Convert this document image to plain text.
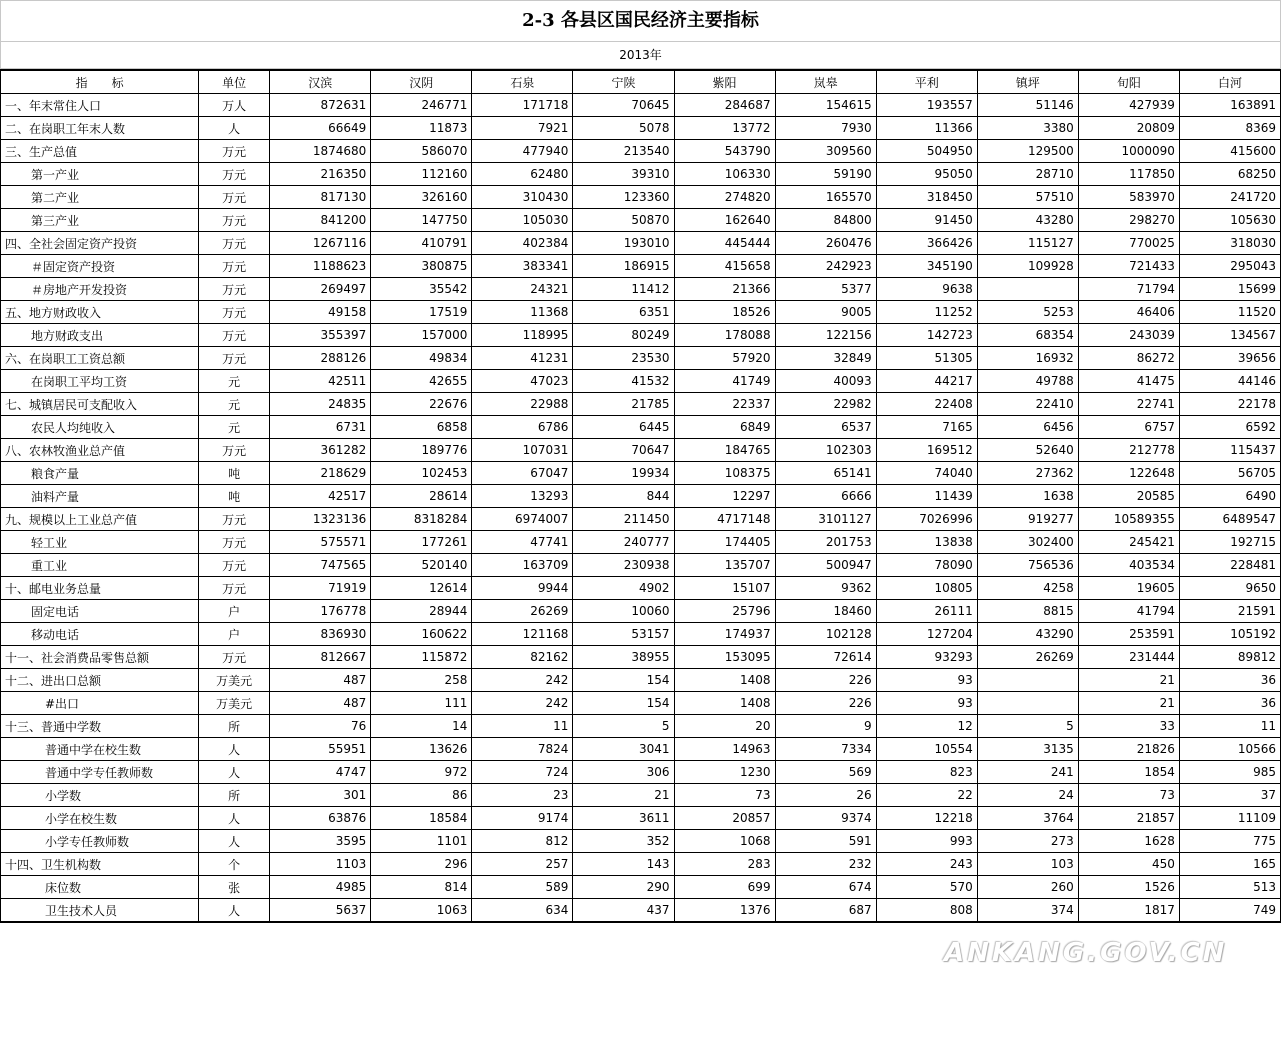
2-3 各县区国民经济主要指标
2013年
指　　标	单位	汉滨	汉阴	石泉	宁陕	紫阳	岚皋	平利	镇坪	旬阳	白河
一、年末常住人口	万人	872631	246771	171718	70645	284687	154615	193557	51146	427939	163891
二、在岗职工年末人数	人	66649	11873	7921	5078	13772	7930	11366	3380	20809	8369
三、生产总值	万元	1874680	586070	477940	213540	543790	309560	504950	129500	1000090	415600
第一产业	万元	216350	112160	62480	39310	106330	59190	95050	28710	117850	68250
第二产业	万元	817130	326160	310430	123360	274820	165570	318450	57510	583970	241720
第三产业	万元	841200	147750	105030	50870	162640	84800	91450	43280	298270	105630
四、全社会固定资产投资	万元	1267116	410791	402384	193010	445444	260476	366426	115127	770025	318030
＃固定资产投资	万元	1188623	380875	383341	186915	415658	242923	345190	109928	721433	295043
＃房地产开发投资	万元	269497	35542	24321	11412	21366	5377	9638		71794	15699
五、地方财政收入	万元	49158	17519	11368	6351	18526	9005	11252	5253	46406	11520
地方财政支出	万元	355397	157000	118995	80249	178088	122156	142723	68354	243039	134567
六、在岗职工工资总额	万元	288126	49834	41231	23530	57920	32849	51305	16932	86272	39656
在岗职工平均工资	元	42511	42655	47023	41532	41749	40093	44217	49788	41475	44146
七、城镇居民可支配收入	元	24835	22676	22988	21785	22337	22982	22408	22410	22741	22178
农民人均纯收入	元	6731	6858	6786	6445	6849	6537	7165	6456	6757	6592
八、农林牧渔业总产值	万元	361282	189776	107031	70647	184765	102303	169512	52640	212778	115437
粮食产量	吨	218629	102453	67047	19934	108375	65141	74040	27362	122648	56705
油料产量	吨	42517	28614	13293	844	12297	6666	11439	1638	20585	6490
九、规模以上工业总产值	万元	1323136	8318284	6974007	211450	4717148	3101127	7026996	919277	10589355	6489547
轻工业	万元	575571	177261	47741	240777	174405	201753	13838	302400	245421	192715
重工业	万元	747565	520140	163709	230938	135707	500947	78090	756536	403534	228481
十、邮电业务总量	万元	71919	12614	9944	4902	15107	9362	10805	4258	19605	9650
固定电话	户	176778	28944	26269	10060	25796	18460	26111	8815	41794	21591
移动电话	户	836930	160622	121168	53157	174937	102128	127204	43290	253591	105192
十一、社会消费品零售总额	万元	812667	115872	82162	38955	153095	72614	93293	26269	231444	89812
十二、进出口总额	万美元	487	258	242	154	1408	226	93		21	36
#出口	万美元	487	111	242	154	1408	226	93		21	36
十三、普通中学数	所	76	14	11	5	20	9	12	5	33	11
普通中学在校生数	人	55951	13626	7824	3041	14963	7334	10554	3135	21826	10566
普通中学专任教师数	人	4747	972	724	306	1230	569	823	241	1854	985
小学数	所	301	86	23	21	73	26	22	24	73	37
小学在校生数	人	63876	18584	9174	3611	20857	9374	12218	3764	21857	11109
小学专任教师数	人	3595	1101	812	352	1068	591	993	273	1628	775
十四、卫生机构数	个	1103	296	257	143	283	232	243	103	450	165
床位数	张	4985	814	589	290	699	674	570	260	1526	513
卫生技术人员	人	5637	1063	634	437	1376	687	808	374	1817	749
ANKANG.GOV.CN
